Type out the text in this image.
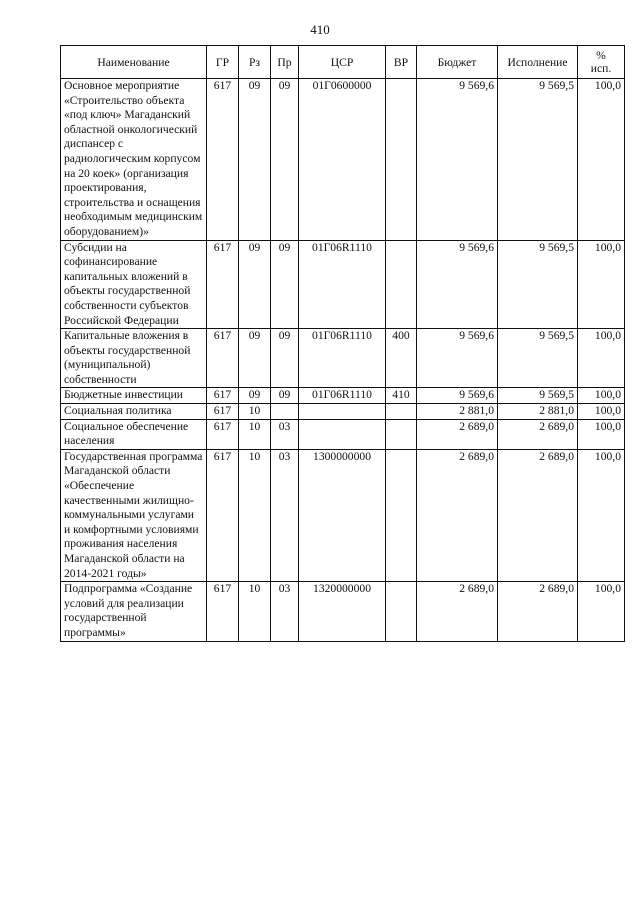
410
Наименование	ГР	Рз	Пр	ЦСР	ВР	Бюджет	Исполнение	%
исп.

Основное мероприятие «Строительство объекта «под ключ» Магаданский областной онкологический диспансер с радиологическим корпусом на 20 коек» (организация проектирования, строительства и оснащения необходимым медицинским оборудованием)»	617	09	09	01Г0600000		9 569,6	9 569,5	100,0
Субсидии на софинансирование капитальных вложений в объекты государственной собственности субъектов Российской Федерации	617	09	09	01Г06R1110		9 569,6	9 569,5	100,0
Капитальные вложения в объекты государственной (муниципальной) собственности	617	09	09	01Г06R1110	400	9 569,6	9 569,5	100,0
Бюджетные инвестиции	617	09	09	01Г06R1110	410	9 569,6	9 569,5	100,0
Социальная политика	617	10				2 881,0	2 881,0	100,0
Социальное обеспечение населения	617	10	03			2 689,0	2 689,0	100,0
Государственная программа Магаданской области «Обеспечение качественными жилищно-коммунальными услугами и комфортными условиями проживания населения Магаданской области на 2014-2021 годы»	617	10	03	1300000000		2 689,0	2 689,0	100,0
Подпрограмма «Создание условий для реализации государственной программы»	617	10	03	1320000000		2 689,0	2 689,0	100,0
